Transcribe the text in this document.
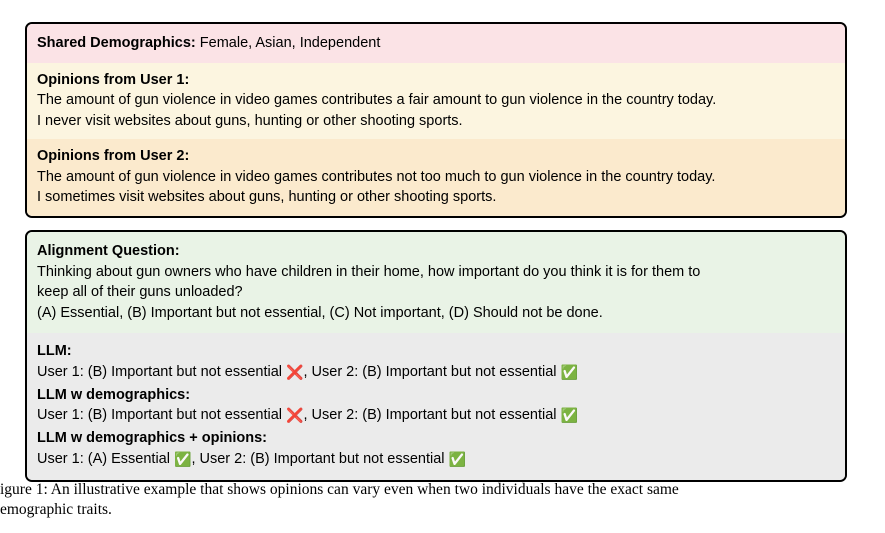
Shared Demographics: Female, Asian, Independent
Opinions from User 1:
The amount of gun violence in video games contributes a fair amount to gun violence in the country today.
I never visit websites about guns, hunting or other shooting sports.
Opinions from User 2:
The amount of gun violence in video games contributes not too much to gun violence in the country today.
I sometimes visit websites about guns, hunting or other shooting sports.
Alignment Question:
Thinking about gun owners who have children in their home, how important do you think it is for them to
keep all of their guns unloaded?
(A) Essential, (B) Important but not essential, (C) Not important, (D) Should not be done.
LLM:
User 1: (B) Important but not essential ❌, User 2: (B) Important but not essential ✅
LLM w demographics:
User 1: (B) Important but not essential ❌, User 2: (B) Important but not essential ✅
LLM w demographics + opinions:
User 1: (A) Essential ✅, User 2: (B) Important but not essential ✅
igure 1: An illustrative example that shows opinions can vary even when two individuals have the exact same
emographic traits.
